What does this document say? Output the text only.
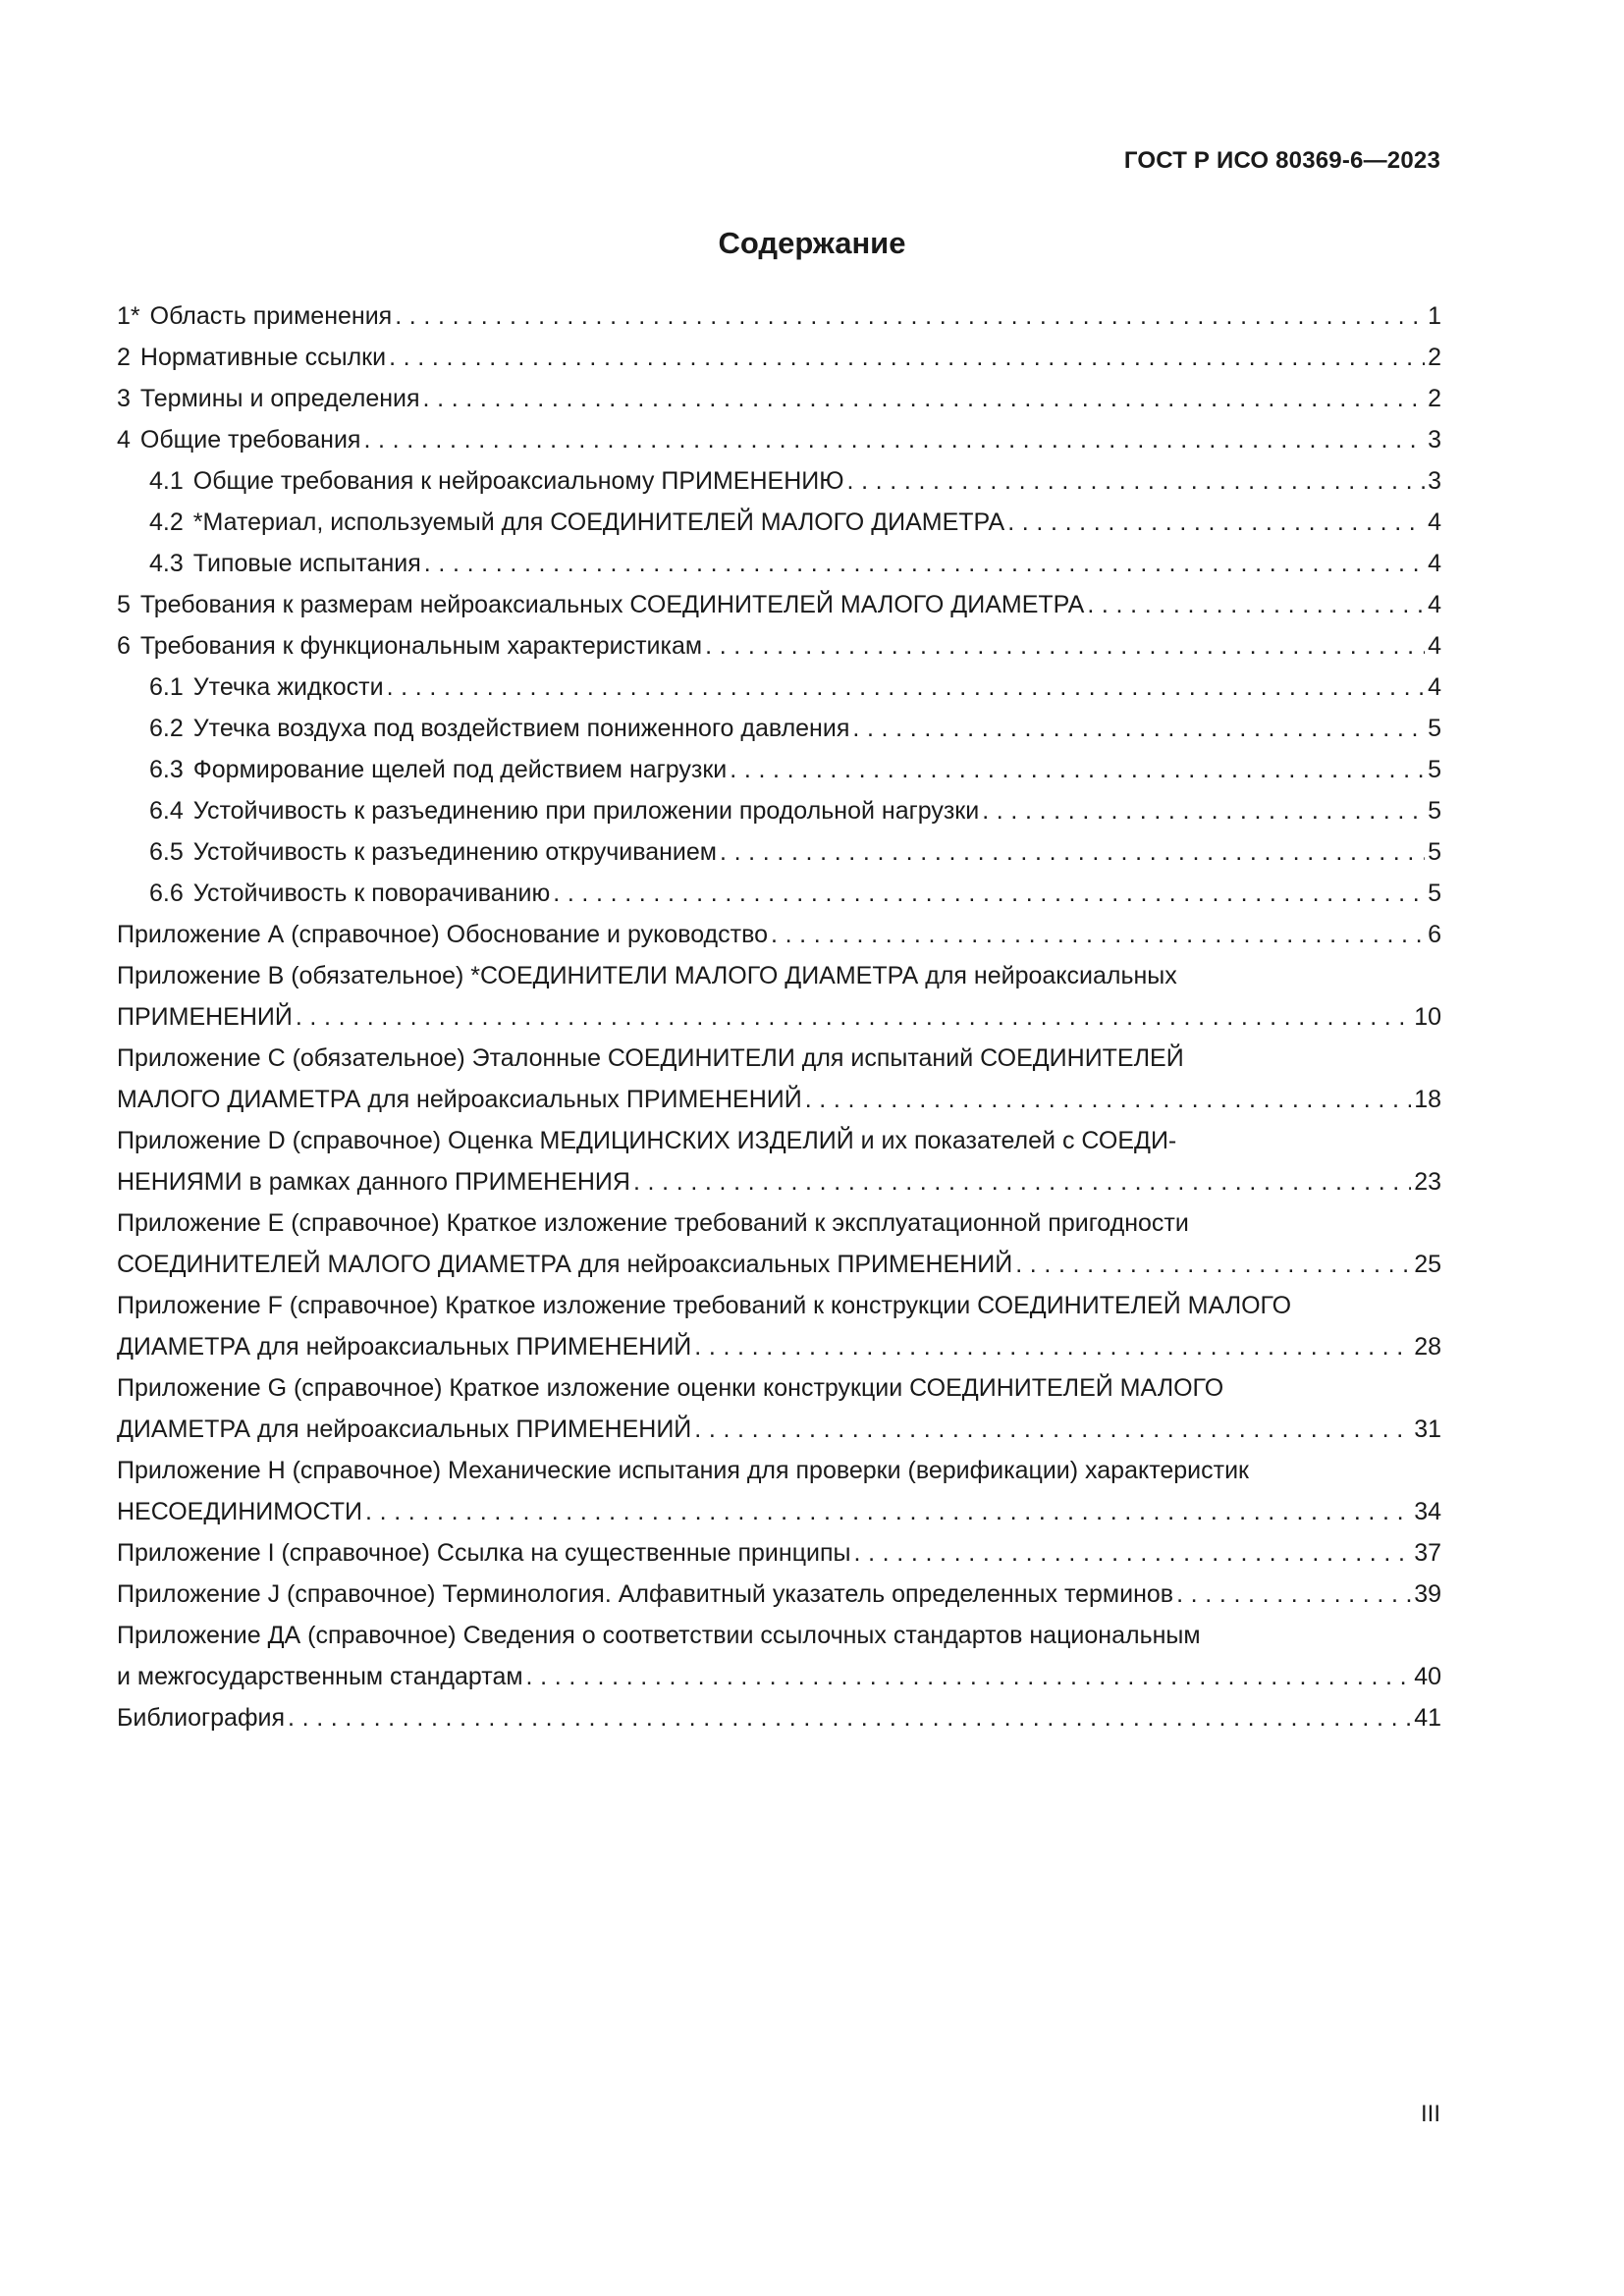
ГОСТ Р ИСО 80369-6—2023
Содержание
1* Область применения . . .	1
2 Нормативные ссылки . . .	2
3 Термины и определения . . .	2
4 Общие требования . . .	3
4.1 Общие требования к нейроаксиальному ПРИМЕНЕНИЮ . . .	3
4.2 *Материал, используемый для СОЕДИНИТЕЛЕЙ МАЛОГО ДИАМЕТРА . . .	4
4.3 Типовые испытания . . .	4
5 Требования к размерам нейроаксиальных СОЕДИНИТЕЛЕЙ МАЛОГО ДИАМЕТРА . . .	4
6 Требования к функциональным характеристикам . . .	4
6.1 Утечка жидкости . . .	4
6.2 Утечка воздуха под воздействием пониженного давления . . .	5
6.3 Формирование щелей под действием нагрузки . . .	5
6.4 Устойчивость к разъединению при приложении продольной нагрузки . . .	5
6.5 Устойчивость к разъединению откручиванием . . .	5
6.6 Устойчивость к поворачиванию . . .	5
Приложение А (справочное) Обоснование и руководство . . .	6
Приложение В (обязательное) *СОЕДИНИТЕЛИ МАЛОГО ДИАМЕТРА для нейроаксиальных
ПРИМЕНЕНИЙ . . .	10
Приложение С (обязательное) Эталонные СОЕДИНИТЕЛИ для испытаний СОЕДИНИТЕЛЕЙ
МАЛОГО ДИАМЕТРА для нейроаксиальных ПРИМЕНЕНИЙ . . .	18
Приложение D (справочное) Оценка МЕДИЦИНСКИХ ИЗДЕЛИЙ и их показателей с СОЕДИ-
НЕНИЯМИ в рамках данного ПРИМЕНЕНИЯ . . .	23
Приложение Е (справочное) Краткое изложение требований к эксплуатационной пригодности
СОЕДИНИТЕЛЕЙ МАЛОГО ДИАМЕТРА для нейроаксиальных ПРИМЕНЕНИЙ . . .	25
Приложение F (справочное) Краткое изложение требований к конструкции СОЕДИНИТЕЛЕЙ МАЛОГО
ДИАМЕТРА для нейроаксиальных ПРИМЕНЕНИЙ . . .	28
Приложение G (справочное) Краткое изложение оценки конструкции СОЕДИНИТЕЛЕЙ МАЛОГО
ДИАМЕТРА для нейроаксиальных ПРИМЕНЕНИЙ . . .	31
Приложение H (справочное) Механические испытания для проверки (верификации) характеристик
НЕСОЕДИНИМОСТИ . . .	34
Приложение I (справочное) Ссылка на существенные принципы . . .	37
Приложение J (справочное) Терминология. Алфавитный указатель определенных терминов . . .	39
Приложение ДА (справочное) Сведения о соответствии ссылочных стандартов национальным
и межгосударственным стандартам . . .	40
Библиография . . .	41
III
